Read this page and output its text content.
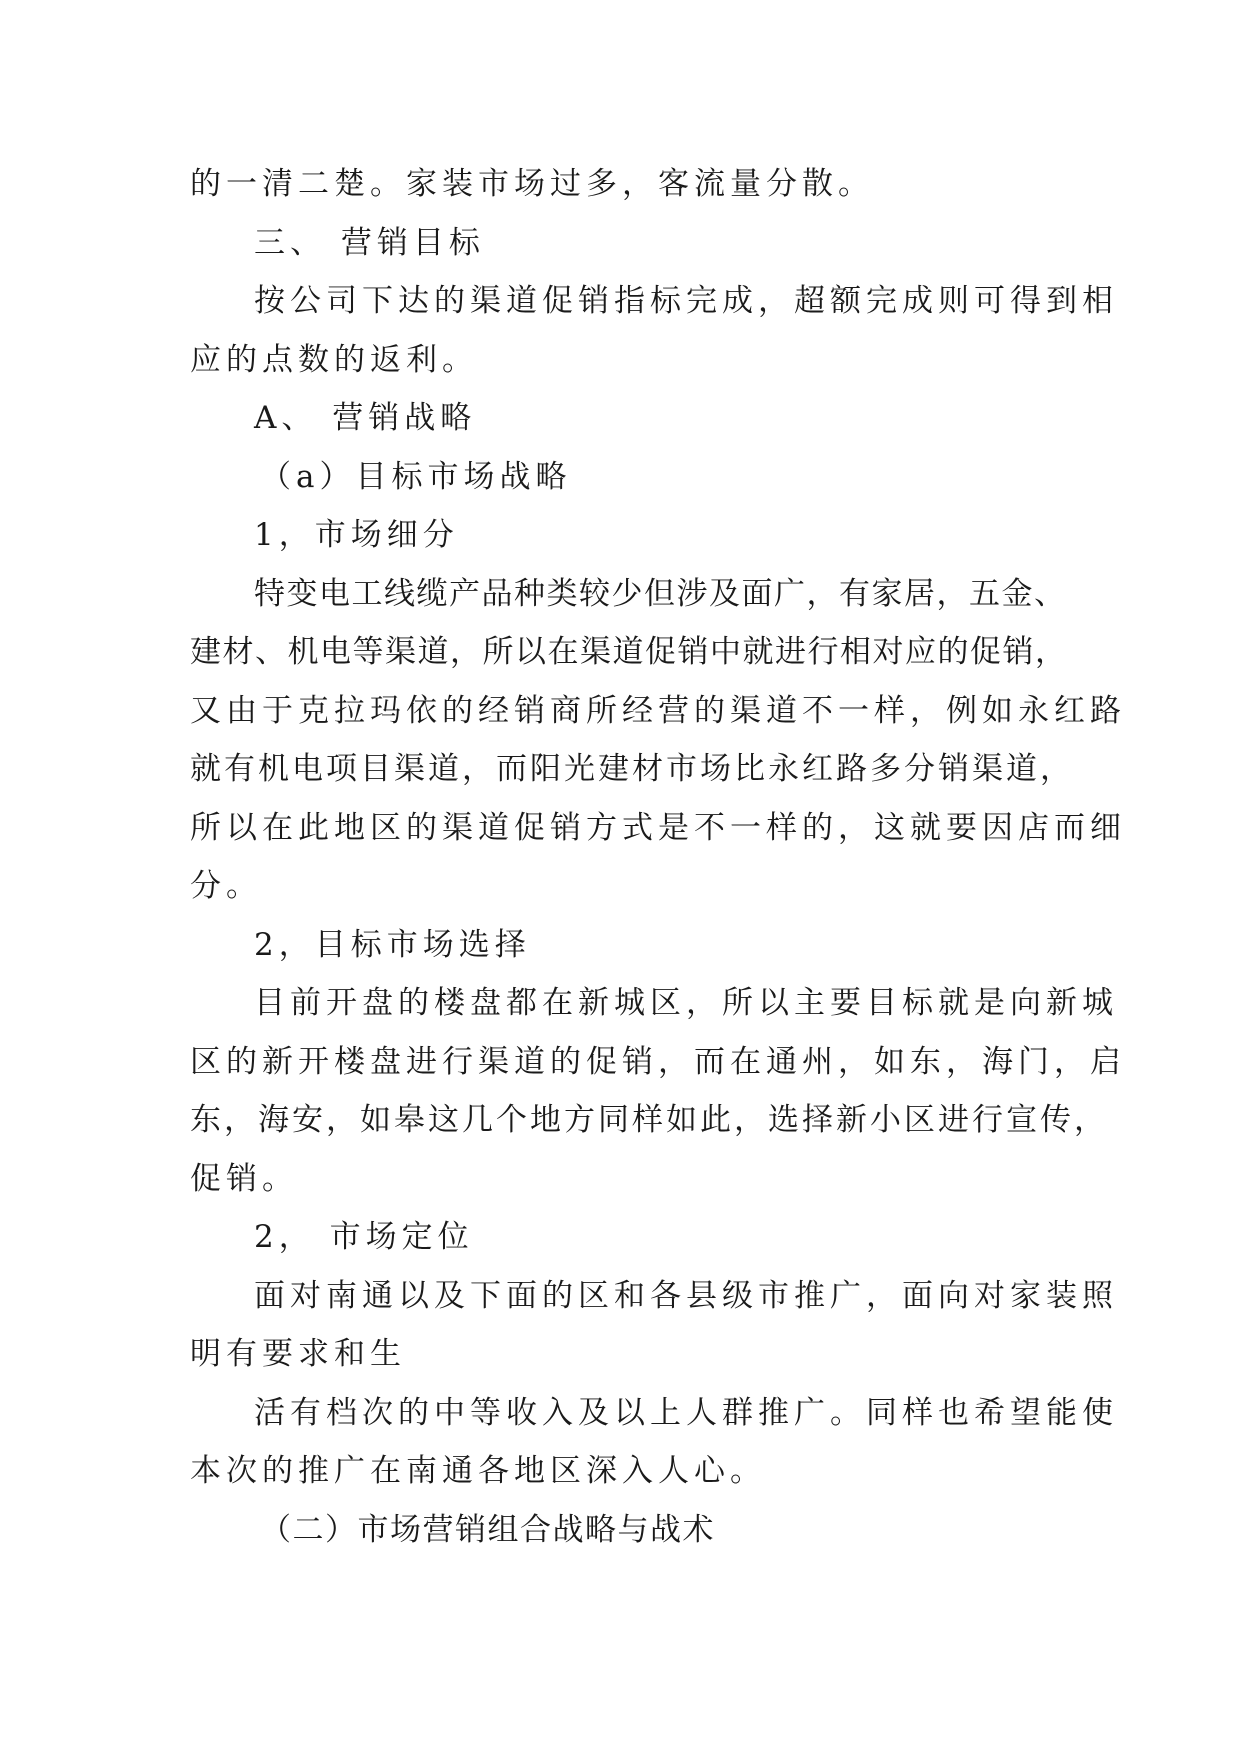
的一清二楚。家装市场过多，客流量分散。

三、 营销目标

按公司下达的渠道促销指标完成，超额完成则可得到相

应的点数的返利。

A、 营销战略

（a）目标市场战略

1，市场细分

特变电工线缆产品种类较少但涉及面广，有家居，五金、

建材、机电等渠道，所以在渠道促销中就进行相对应的促销，

又由于克拉玛依的经销商所经营的渠道不一样，例如永红路

就有机电项目渠道，而阳光建材市场比永红路多分销渠道，

所以在此地区的渠道促销方式是不一样的，这就要因店而细

分。

2，目标市场选择

目前开盘的楼盘都在新城区，所以主要目标就是向新城

区的新开楼盘进行渠道的促销，而在通州，如东，海门，启

东，海安，如皋这几个地方同样如此，选择新小区进行宣传，

促销。

2， 市场定位

面对南通以及下面的区和各县级市推广，面向对家装照

明有要求和生

活有档次的中等收入及以上人群推广。同样也希望能使

本次的推广在南通各地区深入人心。

（二）市场营销组合战略与战术
